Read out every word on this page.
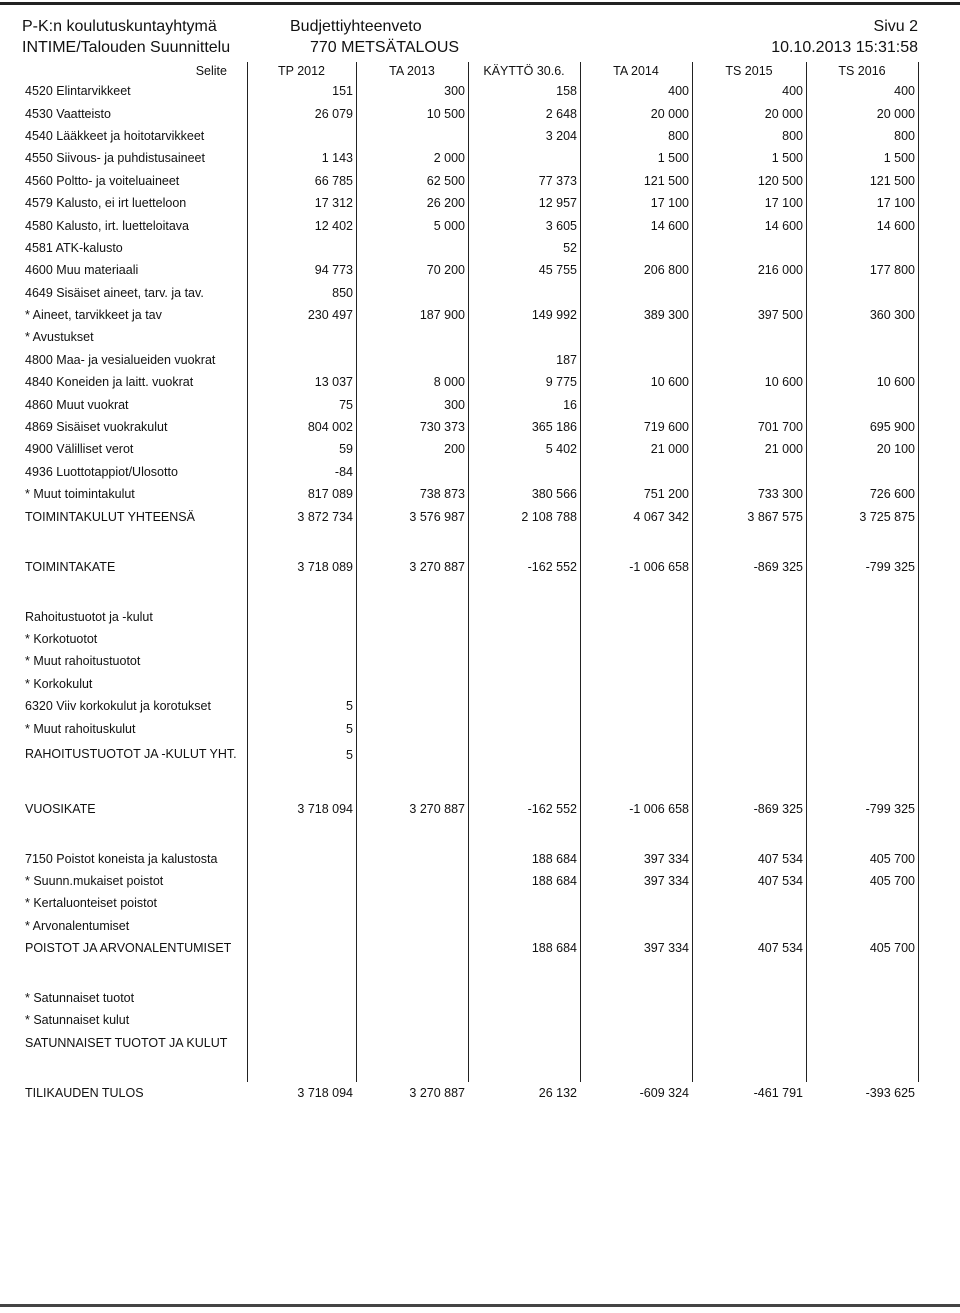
P-K:n koulutuskuntayhtymä
INTIME/Talouden Suunnittelu
Budjettiyhteenveto
770 METSÄTALOUS
Sivu 2
10.10.2013 15:31:58
Selite	TP 2012	TA 2013	KÄYTTÖ 30.6.	TA 2014	TS 2015	TS 2016
4520 Elintarvikkeet	151	300	158	400	400	400
4530 Vaatteisto	26 079	10 500	2 648	20 000	20 000	20 000
4540 Lääkkeet ja hoitotarvikkeet			3 204	800	800	800
4550 Siivous- ja puhdistusaineet	1 143	2 000		1 500	1 500	1 500
4560 Poltto- ja voiteluaineet	66 785	62 500	77 373	121 500	120 500	121 500
4579 Kalusto, ei irt luetteloon	17 312	26 200	12 957	17 100	17 100	17 100
4580 Kalusto, irt. luetteloitava	12 402	5 000	3 605	14 600	14 600	14 600
4581 ATK-kalusto			52			
4600 Muu materiaali	94 773	70 200	45 755	206 800	216 000	177 800
4649 Sisäiset aineet, tarv. ja tav.	850					
* Aineet, tarvikkeet ja tav	230 497	187 900	149 992	389 300	397 500	360 300
* Avustukset						
4800 Maa- ja vesialueiden vuokrat			187			
4840 Koneiden ja laitt. vuokrat	13 037	8 000	9 775	10 600	10 600	10 600
4860 Muut vuokrat	75	300	16			
4869 Sisäiset vuokrakulut	804 002	730 373	365 186	719 600	701 700	695 900
4900 Välilliset verot	59	200	5 402	21 000	21 000	20 100
4936 Luottotappiot/Ulosotto	-84					
* Muut toimintakulut	817 089	738 873	380 566	751 200	733 300	726 600
TOIMINTAKULUT YHTEENSÄ	3 872 734	3 576 987	2 108 788	4 067 342	3 867 575	3 725 875

TOIMINTAKATE	3 718 089	3 270 887	-162 552	-1 006 658	-869 325	-799 325

Rahoitustuotot ja -kulut						
* Korkotuotot						
* Muut rahoitustuotot						
* Korkokulut						
6320 Viiv korkokulut ja korotukset	5					
* Muut rahoituskulut	5					
RAHOITUSTUOTOT JA -KULUT YHT.	5					

VUOSIKATE	3 718 094	3 270 887	-162 552	-1 006 658	-869 325	-799 325

7150 Poistot koneista ja kalustosta			188 684	397 334	407 534	405 700
* Suunn.mukaiset poistot			188 684	397 334	407 534	405 700
* Kertaluonteiset poistot						
* Arvonalentumiset						
POISTOT JA ARVONALENTUMISET			188 684	397 334	407 534	405 700

* Satunnaiset tuotot						
* Satunnaiset kulut						
SATUNNAISET TUOTOT JA KULUT						

TILIKAUDEN TULOS	3 718 094	3 270 887	26 132	-609 324	-461 791	-393 625
